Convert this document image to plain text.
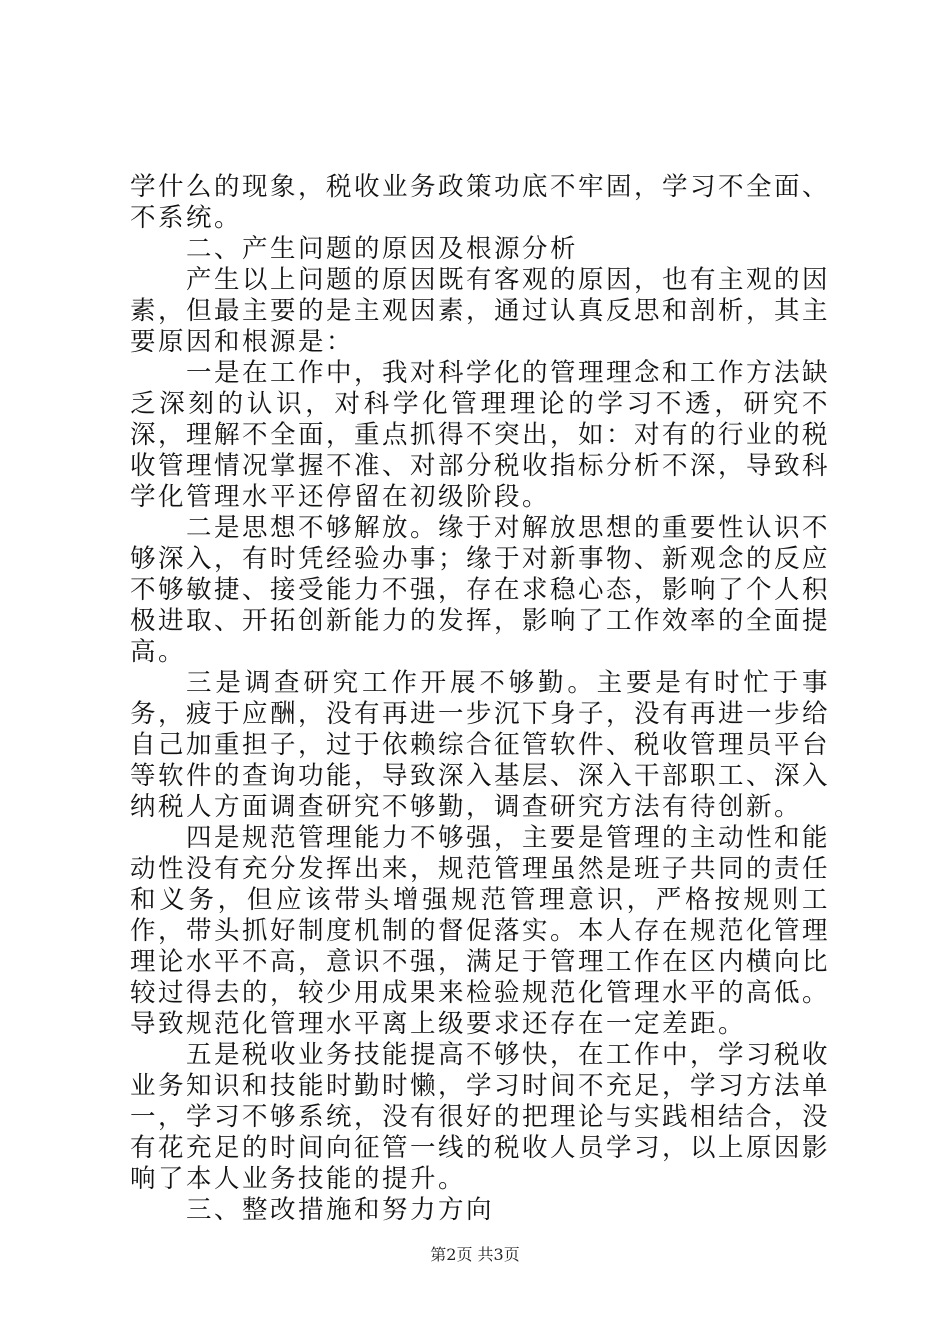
学什么的现象，税收业务政策功底不牢固，学习不全面、不系统。

二、产生问题的原因及根源分析

产生以上问题的原因既有客观的原因，也有主观的因素，但最主要的是主观因素，通过认真反思和剖析，其主要原因和根源是：

一是在工作中，我对科学化的管理理念和工作方法缺乏深刻的认识，对科学化管理理论的学习不透，研究不深，理解不全面，重点抓得不突出，如：对有的行业的税收管理情况掌握不准、对部分税收指标分析不深，导致科学化管理水平还停留在初级阶段。

二是思想不够解放。缘于对解放思想的重要性认识不够深入，有时凭经验办事；缘于对新事物、新观念的反应不够敏捷、接受能力不强，存在求稳心态，影响了个人积极进取、开拓创新能力的发挥，影响了工作效率的全面提高。

三是调查研究工作开展不够勤。主要是有时忙于事务，疲于应酬，没有再进一步沉下身子，没有再进一步给自己加重担子，过于依赖综合征管软件、税收管理员平台等软件的查询功能，导致深入基层、深入干部职工、深入纳税人方面调查研究不够勤，调查研究方法有待创新。

四是规范管理能力不够强，主要是管理的主动性和能动性没有充分发挥出来，规范管理虽然是班子共同的责任和义务，但应该带头增强规范管理意识，严格按规则工作，带头抓好制度机制的督促落实。本人存在规范化管理理论水平不高，意识不强，满足于管理工作在区内横向比较过得去的，较少用成果来检验规范化管理水平的高低。导致规范化管理水平离上级要求还存在一定差距。

五是税收业务技能提高不够快，在工作中，学习税收业务知识和技能时勤时懒，学习时间不充足，学习方法单一，学习不够系统，没有很好的把理论与实践相结合，没有花充足的时间向征管一线的税收人员学习，以上原因影响了本人业务技能的提升。

三、整改措施和努力方向

第2页 共3页
